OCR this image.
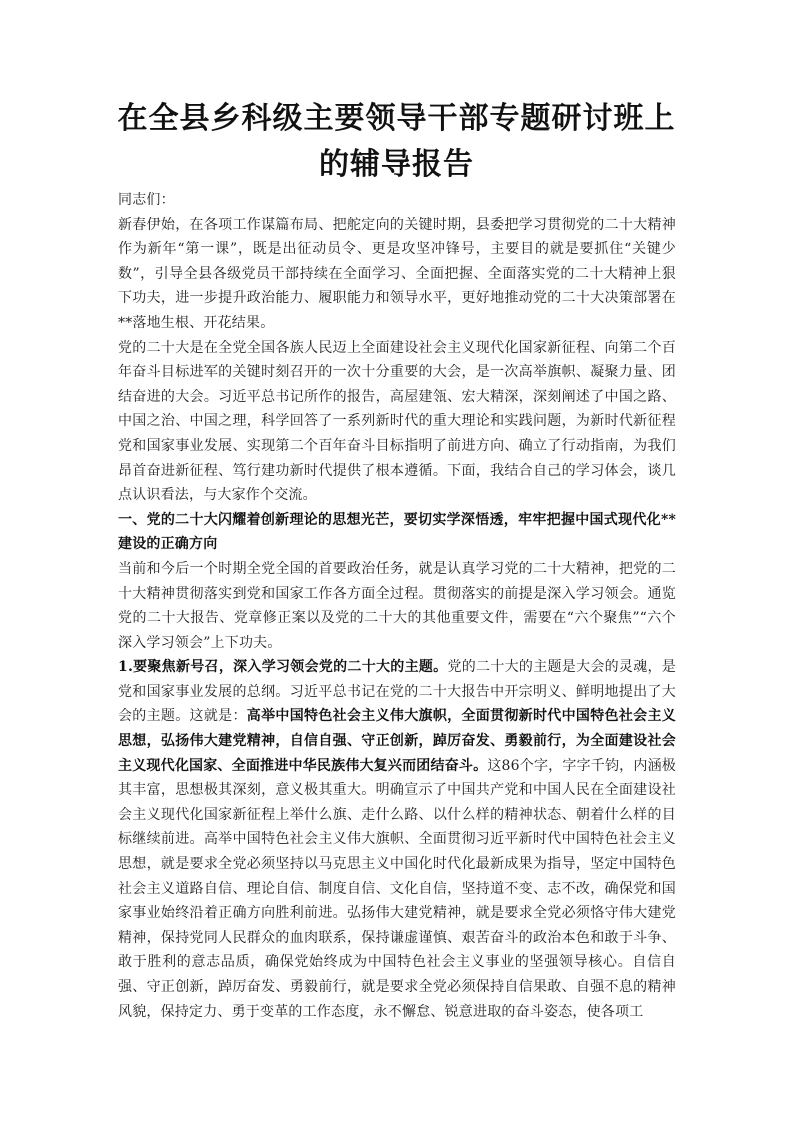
在全县乡科级主要领导干部专题研讨班上
的辅导报告

同志们：

新春伊始，在各项工作谋篇布局、把舵定向的关键时期，县委把学习贯彻党的二十大精神作为新年“第一课”，既是出征动员令、更是攻坚冲锋号，主要目的就是要抓住“关键少数”，引导全县各级党员干部持续在全面学习、全面把握、全面落实党的二十大精神上狠下功夫，进一步提升政治能力、履职能力和领导水平，更好地推动党的二十大决策部署在**落地生根、开花结果。

党的二十大是在全党全国各族人民迈上全面建设社会主义现代化国家新征程、向第二个百年奋斗目标进军的关键时刻召开的一次十分重要的大会，是一次高举旗帜、凝聚力量、团结奋进的大会。习近平总书记所作的报告，高屋建瓴、宏大精深，深刻阐述了中国之路、中国之治、中国之理，科学回答了一系列新时代的重大理论和实践问题，为新时代新征程党和国家事业发展、实现第二个百年奋斗目标指明了前进方向、确立了行动指南，为我们昂首奋进新征程、笃行建功新时代提供了根本遵循。下面，我结合自己的学习体会，谈几点认识看法，与大家作个交流。

一、党的二十大闪耀着创新理论的思想光芒，要切实学深悟透，牢牢把握中国式现代化**建设的正确方向

当前和今后一个时期全党全国的首要政治任务，就是认真学习党的二十大精神，把党的二十大精神贯彻落实到党和国家工作各方面全过程。贯彻落实的前提是深入学习领会。通览党的二十大报告、党章修正案以及党的二十大的其他重要文件，需要在“六个聚焦”“六个深入学习领会”上下功夫。

1.要聚焦新号召，深入学习领会党的二十大的主题。党的二十大的主题是大会的灵魂，是党和国家事业发展的总纲。习近平总书记在党的二十大报告中开宗明义、鲜明地提出了大会的主题。这就是：高举中国特色社会主义伟大旗帜，全面贯彻新时代中国特色社会主义思想，弘扬伟大建党精神，自信自强、守正创新，踔厉奋发、勇毅前行，为全面建设社会主义现代化国家、全面推进中华民族伟大复兴而团结奋斗。这86个字，字字千钧，内涵极其丰富，思想极其深刻，意义极其重大。明确宣示了中国共产党和中国人民在全面建设社会主义现代化国家新征程上举什么旗、走什么路、以什么样的精神状态、朝着什么样的目标继续前进。高举中国特色社会主义伟大旗帜、全面贯彻习近平新时代中国特色社会主义思想，就是要求全党必须坚持以马克思主义中国化时代化最新成果为指导，坚定中国特色社会主义道路自信、理论自信、制度自信、文化自信，坚持道不变、志不改，确保党和国家事业始终沿着正确方向胜利前进。弘扬伟大建党精神，就是要求全党必须恪守伟大建党精神，保持党同人民群众的血肉联系，保持谦虚谨慎、艰苦奋斗的政治本色和敢于斗争、敢于胜利的意志品质，确保党始终成为中国特色社会主义事业的坚强领导核心。自信自强、守正创新，踔厉奋发、勇毅前行，就是要求全党必须保持自信果敢、自强不息的精神风貌，保持定力、勇于变革的工作态度，永不懈怠、锐意进取的奋斗姿态，使各项工
